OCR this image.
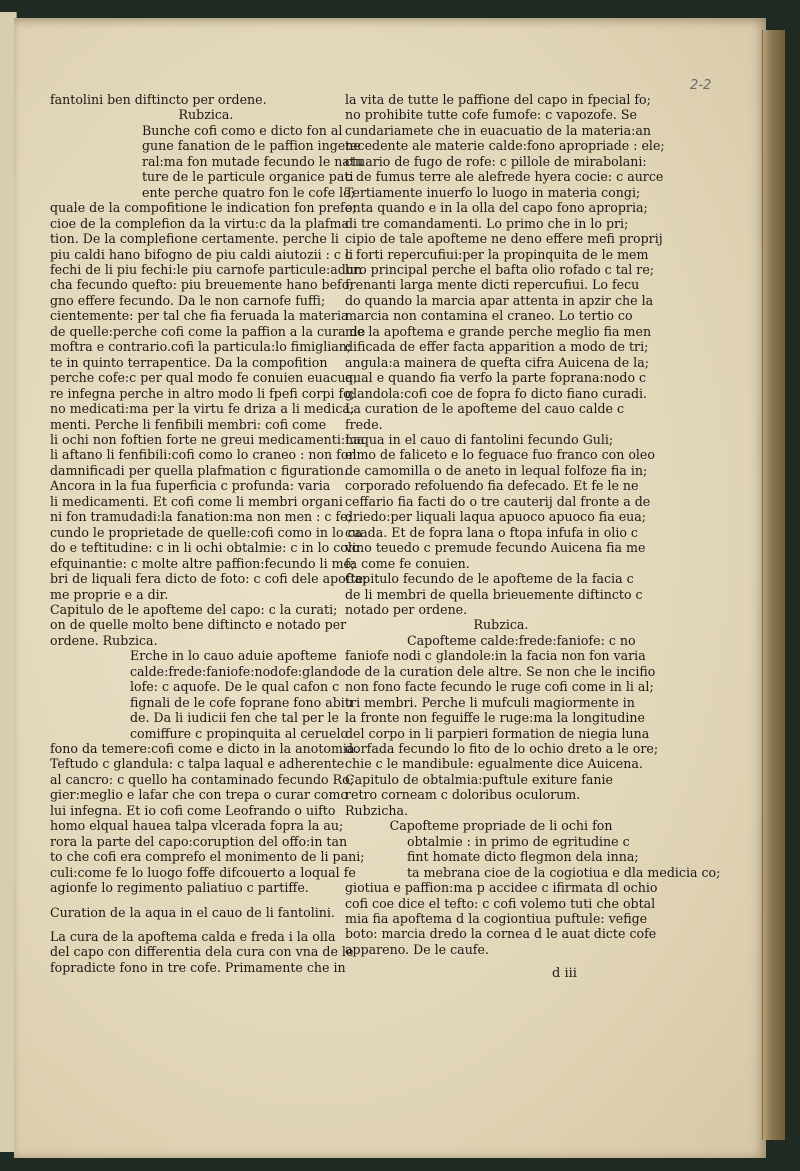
2-2
fantolini ben diftincto per ordene.
Rubzica.
Bunche cofi como e dicto fon al
gune fanation de le paffion ingene
ral:ma fon mutade fecundo le natu
ture de le particule organice pati
ente perche quatro fon le cofe le;
quale de la compofitione le indication fon prefe;
cioe de la complefion da la virtu:c da la plafma
tion. De la complefione certamente. perche li
piu caldi hano bifogno de piu caldi aiutozii : c li
fechi de li piu fechi:le piu carnofe particule:adun
cha fecundo quefto: piu breuemente hano befo;
gno effere fecundo. Da le non carnofe fuffi;
cientemente: per tal che fia feruada la materia
de quelle:perche cofi come la paffion a la cura de
moftra e contrario.cofi la particula:lo fimiglian;
te in quinto terrapentice. Da la compofition
perche cofe:c per qual modo fe conuien euacua;
re infegna perche in altro modo li fpefi corpi fo;
no medicati:ma per la virtu fe driza a li medica;
menti. Perche li fenfibili membri: cofi come
li ochi non foftien forte ne greui medicamenti:ma
li aftano li fenfibili:cofi como lo craneo : non fon
damnificadi per quella plafmation c figuration.
Ancora in la fua fuperficia c profunda: varia
li medicamenti. Et cofi come li membri organi
ni fon tramudadi:la fanation:ma non men : c fe;
cundo le proprietade de quelle:cofi como in lo ca
do e teftitudine: c in li ochi obtalmie: c in lo colo
efquinantie: c molte altre paffion:fecundo li me;
bri de liquali fera dicto de foto: c cofi dele apofte;
me proprie e a dir.
Capitulo de le apofteme del capo: c la curati;
on de quelle molto bene diftincto e notado per
ordene. Rubzica.
Erche in lo cauo aduie apofteme
calde:frede:faniofe:nodofe:glando
lofe: c aquofe. De le qual cafon c
fignali de le cofe foprane fono abiu
de. Da li iudicii fen che tal per le
comiffure c propinquita al ceruelo
fono da temere:cofi come e dicto in la anotomia.
Teftudo c glandula: c talpa laqual e adherente
al cancro: c quello ha contaminado fecundo Ro;
gier:meglio e lafar che con trepa o curar como
lui infegna. Et io cofi come Leofrando o uifto
homo elqual hauea talpa vlcerada fopra la au;
rora la parte del capo:coruption del offo:in tan
to che cofi era comprefo el monimento de li pani;
culi:come fe lo luogo foffe difcouerto a loqual fe
agionfe lo regimento paliatiuo c partiffe.

Curation de la aqua in el cauo de li fantolini.

La cura de la apoftema calda e freda i la olla
del capo con differentia dela cura con vna de le
fopradicte fono in tre cofe. Primamente che in
la vita de tutte le paffione del capo in fpecial fo;
no prohibite tutte cofe fumofe: c vapozofe. Se
cundariamete che in euacuatio de la materia:an
tecedente ale materie calde:fono apropriade : ele;
ctuario de fugo de rofe: c pillole de mirabolani:
c de fumus terre ale alefrede hyera cocie: c aurce
Tertiamente inuerfo lo luogo in materia congi;
onta quando e in la olla del capo fono apropria;
di tre comandamenti. Lo primo che in lo pri;
cipio de tale apofteme ne deno effere mefi proprij
c forti repercufiui:per la propinquita de le mem
bro principal perche el bafta olio rofado c tal re;
frenanti larga mente dicti repercufiui. Lo fecu
do quando la marcia apar attenta in apzir che la
marcia non contamina el craneo. Lo tertio co
me la apoftema e grande perche meglio fia men
dificada de effer facta apparition a modo de tri;
angula:a mainera de quefta cifra Auicena de la;
qual e quando fia verfo la parte foprana:nodo c
glandola:cofi coe de fopra fo dicto fiano curadi.
La curation de le apofteme del cauo calde c
frede.
Laqua in el cauo di fantolini fecundo Guli;
elmo de faliceto e lo feguace fuo franco con oleo
de camomilla o de aneto in lequal folfoze fia in;
corporado refoluendo fia defecado. Et fe le ne
ceffario fia facti do o tre cauterij dal fronte a de
driedo:per liquali laqua apuoco apuoco fia eua;
cuada. Et de fopra lana o ftopa infufa in olio c
vino teuedo c premude fecundo Auicena fia me
fa come fe conuien.
Capitulo fecundo de le apofteme de la facia c
de li membri de quella brieuemente diftincto c
notado per ordene.
Rubzica.
Capofteme calde:frede:faniofe: c no
faniofe nodi c glandole:in la facia non fon varia
de de la curation dele altre. Se non che le incifio
non fono facte fecundo le ruge cofi come in li al;
tri membri. Perche li mufculi magiormente in
la fronte non feguiffe le ruge:ma la longitudine
del corpo in li parpieri formation de niegia luna
dorfada fecundo lo fito de lo ochio dreto a le ore;
chie c le mandibule: egualmente dice Auicena.
Capitulo de obtalmia:puftule exiture fanie
retro corneam c doloribus oculorum.
Rubzicha.
Capofteme propriade de li ochi fon
obtalmie : in primo de egritudine c
fint homate dicto flegmon dela inna;
ta mebrana cioe de la cogiotiua e dla medicia co;
giotiua e paffion:ma p accidee c ifirmata dl ochio
cofi coe dice el tefto: c cofi volemo tuti che obtal
mia fia apoftema d la cogiontiua puftule: vefige
boto: marcia dredo la cornea d le auat dicte cofe
appareno. De le caufe.
d iii
